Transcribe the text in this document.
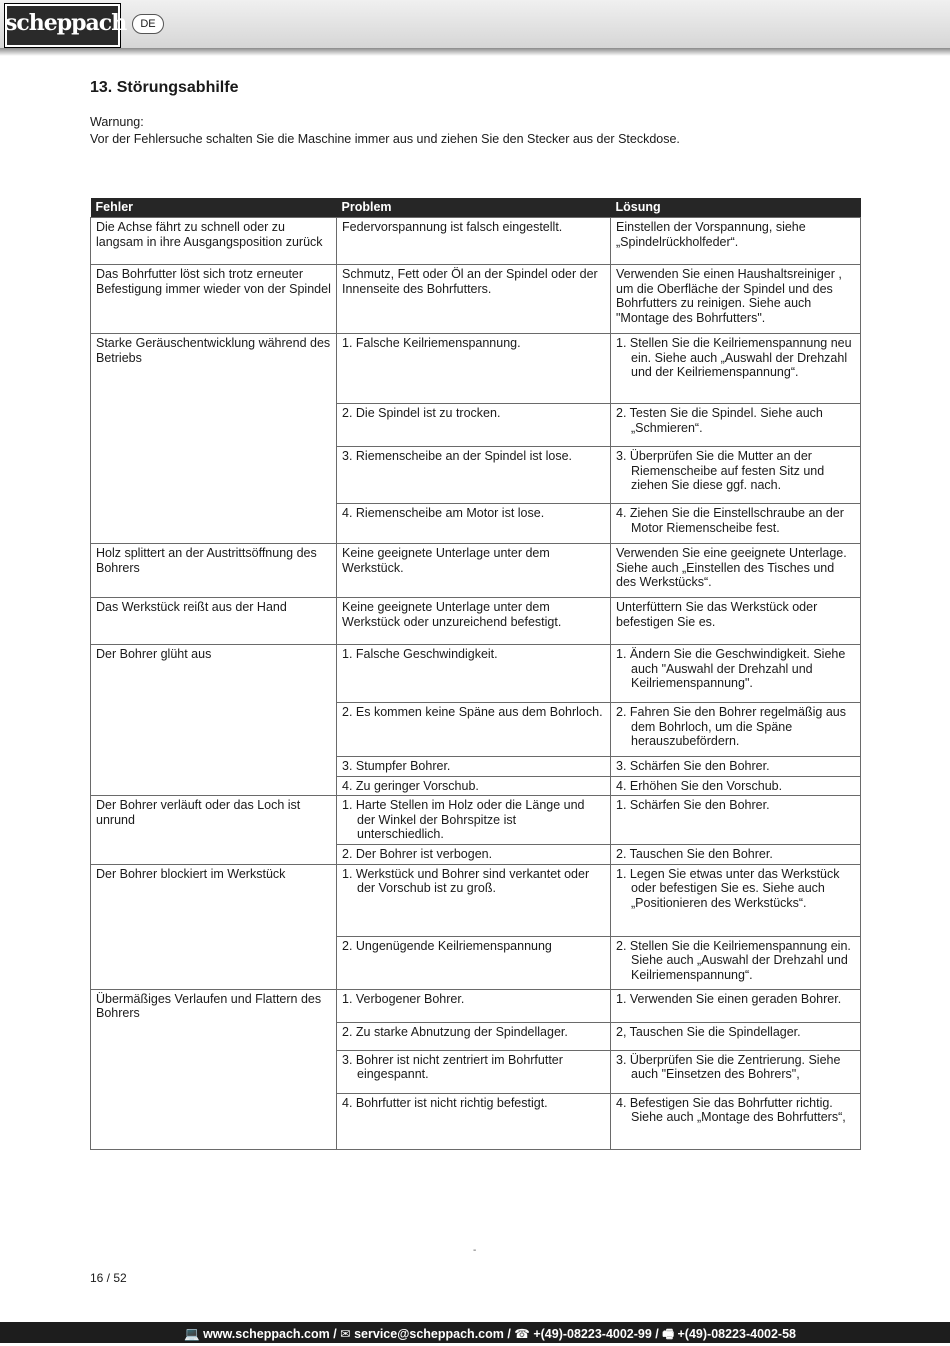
scheppach	DE
13. Störungsabhilfe
Warnung:
Vor der Fehlersuche schalten Sie die Maschine immer aus und ziehen Sie den Stecker aus der Steckdose.
Fehler	Problem	Lösung
Die Achse fährt zu schnell oder zu langsam in ihre Ausgangsposition zurück	Federvorspannung ist falsch eingestellt.	Einstellen der Vorspannung, siehe „Spindelrückholfeder“.
Das Bohrfutter löst sich trotz erneuter Befestigung immer wieder von der Spindel	Schmutz, Fett oder Öl an der Spindel oder der Innenseite des Bohrfutters.	Verwenden Sie einen Haushaltsreiniger , um die Oberfläche der Spindel und des Bohrfutters zu reinigen. Siehe auch "Montage des Bohrfutters".
Starke Geräuschentwicklung während des Betriebs	1. Falsche Keilriemenspannung.	1. Stellen Sie die Keilriemenspannung neu ein. Siehe auch „Auswahl der Drehzahl und der Keilriemenspannung“.

	2. Die Spindel ist zu trocken.	2. Testen Sie die Spindel. Siehe auch „Schmieren“.

	3. Riemenscheibe an der Spindel ist lose.	3. Überprüfen Sie die Mutter an der Riemenscheibe auf festen Sitz und ziehen Sie diese ggf. nach.

	4. Riemenscheibe am Motor ist lose.	4. Ziehen Sie die Einstellschraube an der Motor Riemenscheibe fest.

Holz splittert an der Austrittsöffnung des Bohrers	Keine geeignete Unterlage unter dem Werkstück.	Verwenden Sie eine geeignete Unterlage. Siehe auch „Einstellen des Tisches und des Werkstücks“.
Das Werkstück reißt aus der Hand	Keine geeignete Unterlage unter dem Werkstück oder unzureichend befestigt.	Unterfüttern Sie das Werkstück oder befestigen Sie es.
Der Bohrer glüht aus	1. Falsche Geschwindigkeit.	1. Ändern Sie die Geschwindigkeit. Siehe auch "Auswahl der Drehzahl und Keilriemenspannung".

	2. Es kommen keine Späne aus dem Bohrloch.	2. Fahren Sie den Bohrer regelmäßig aus dem Bohrloch, um die Späne herauszubefördern.

	3. Stumpfer Bohrer.	3. Schärfen Sie den Bohrer.

	4. Zu geringer Vorschub.	4. Erhöhen Sie den Vorschub.

Der Bohrer verläuft oder das Loch ist unrund	1. Harte Stellen im Holz oder die Länge und der Winkel der Bohrspitze ist unterschiedlich.	1. Schärfen Sie den Bohrer.

	2. Der Bohrer ist verbogen.	2. Tauschen Sie den Bohrer.

Der Bohrer blockiert im Werkstück	1. Werkstück und Bohrer sind verkantet oder der Vorschub ist zu groß.	1. Legen Sie etwas unter das Werkstück oder befestigen Sie es. Siehe auch „Positionieren des Werkstücks“.

	2. Ungenügende Keilriemenspannung	2. Stellen Sie die Keilriemenspannung ein. Siehe auch „Auswahl der Drehzahl und Keilriemenspannung“.

Übermäßiges Verlaufen und Flattern des Bohrers	1. Verbogener Bohrer.	1. Verwenden Sie einen geraden Bohrer.

	2. Zu starke Abnutzung der Spindellager.	2, Tauschen Sie die Spindellager.

	3. Bohrer ist nicht zentriert im Bohrfutter eingespannt.	3. Überprüfen Sie die Zentrierung. Siehe auch "Einsetzen des Bohrers",

	4. Bohrfutter ist nicht richtig befestigt.	4. Befestigen Sie das Bohrfutter richtig. Siehe auch „Montage des Bohrfutters“,
-
16 / 52
💻 www.scheppach.com / ✉ service@scheppach.com / ☎ +(49)-08223-4002-99 / 🖷 +(49)-08223-4002-58
